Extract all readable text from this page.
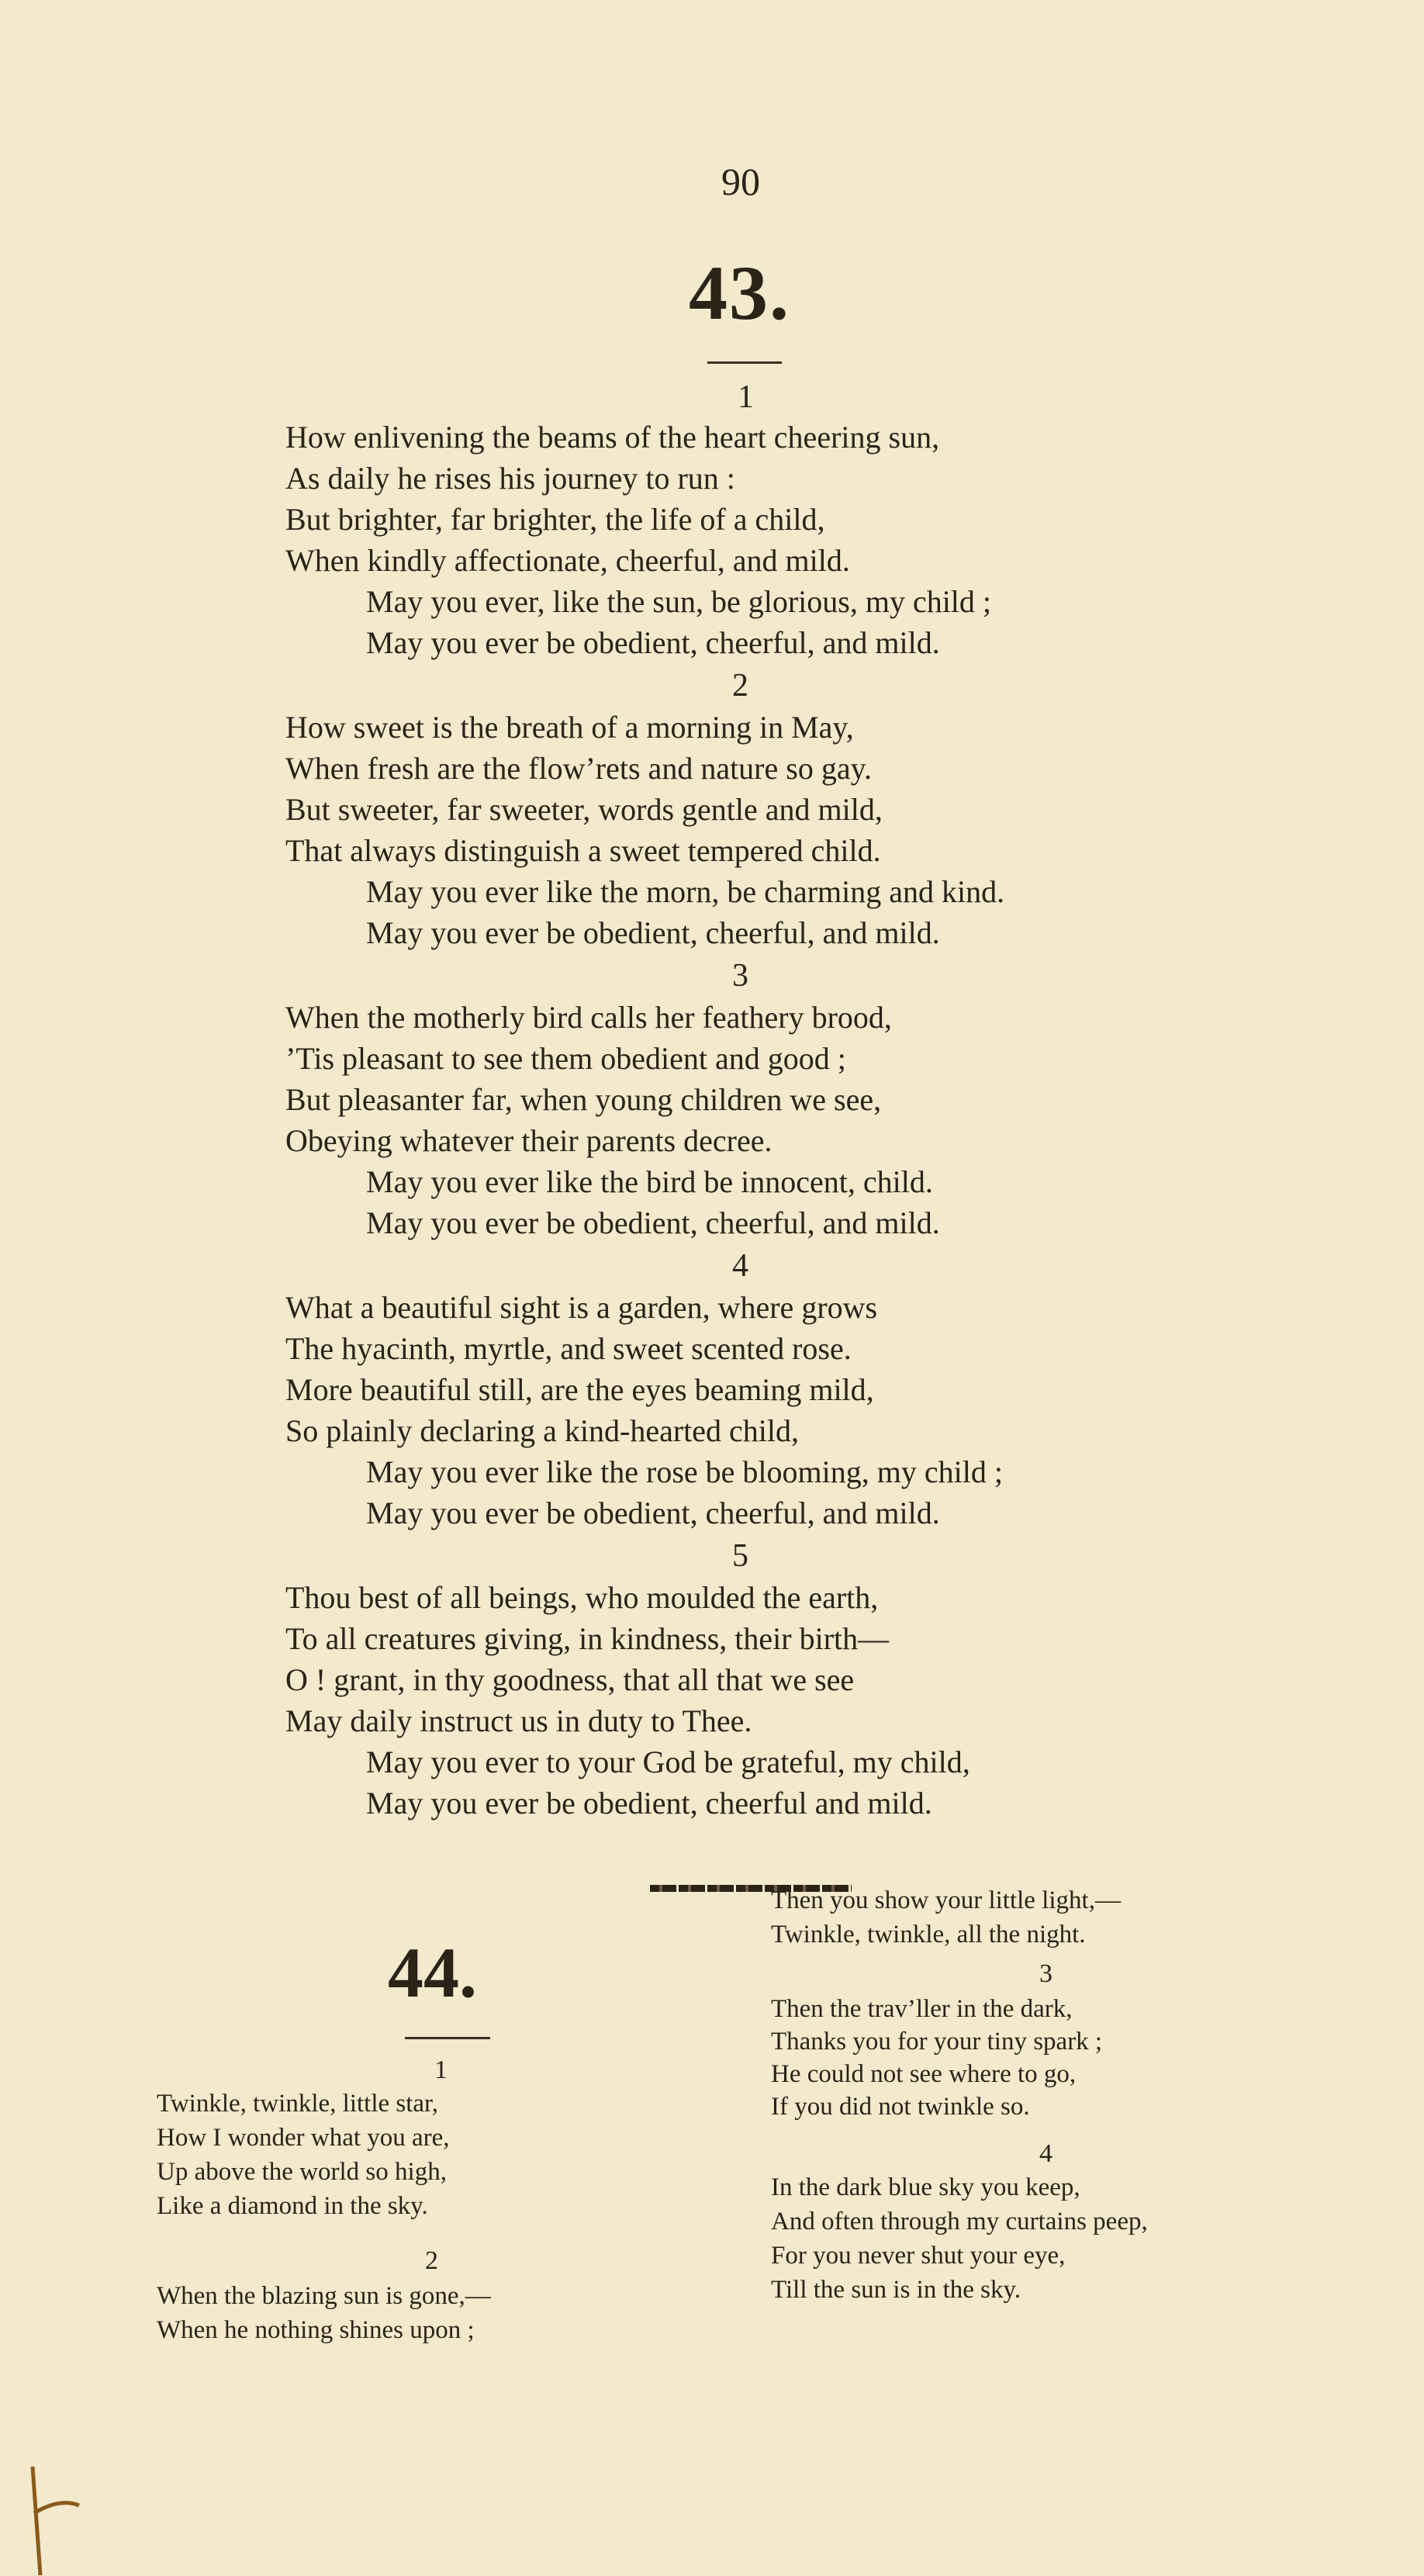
90
43.
1
How enlivening the beams of the heart cheering sun,
As daily he rises his journey to run :
But brighter, far brighter, the life of a child,
When kindly affectionate, cheerful, and mild.
May you ever, like the sun, be glorious, my child ;
May you ever be obedient, cheerful, and mild.
2
How sweet is the breath of a morning in May,
When fresh are the flow’rets and nature so gay.
But sweeter, far sweeter, words gentle and mild,
That always distinguish a sweet tempered child.
May you ever like the morn, be charming and kind.
May you ever be obedient, cheerful, and mild.
3
When the motherly bird calls her feathery brood,
’Tis pleasant to see them obedient and good ;
But pleasanter far, when young children we see,
Obeying whatever their parents decree.
May you ever like the bird be innocent, child.
May you ever be obedient, cheerful, and mild.
4
What a beautiful sight is a garden, where grows
The hyacinth, myrtle, and sweet scented rose.
More beautiful still, are the eyes beaming mild,
So plainly declaring a kind-hearted child,
May you ever like the rose be blooming, my child ;
May you ever be obedient, cheerful, and mild.
5
Thou best of all beings, who moulded the earth,
To all creatures giving, in kindness, their birth—
O ! grant, in thy goodness, that all that we see
May daily instruct us in duty to Thee.
May you ever to your God be grateful, my child,
May you ever be obedient, cheerful and mild.
44.
1
Twinkle, twinkle, little star,
How I wonder what you are,
Up above the world so high,
Like a diamond in the sky.
2
When the blazing sun is gone,—
When he nothing shines upon ;
Then you show your little light,—
Twinkle, twinkle, all the night.
3
Then the trav’ller in the dark,
Thanks you for your tiny spark ;
He could not see where to go,
If you did not twinkle so.
4
In the dark blue sky you keep,
And often through my curtains peep,
For you never shut your eye,
Till the sun is in the sky.
